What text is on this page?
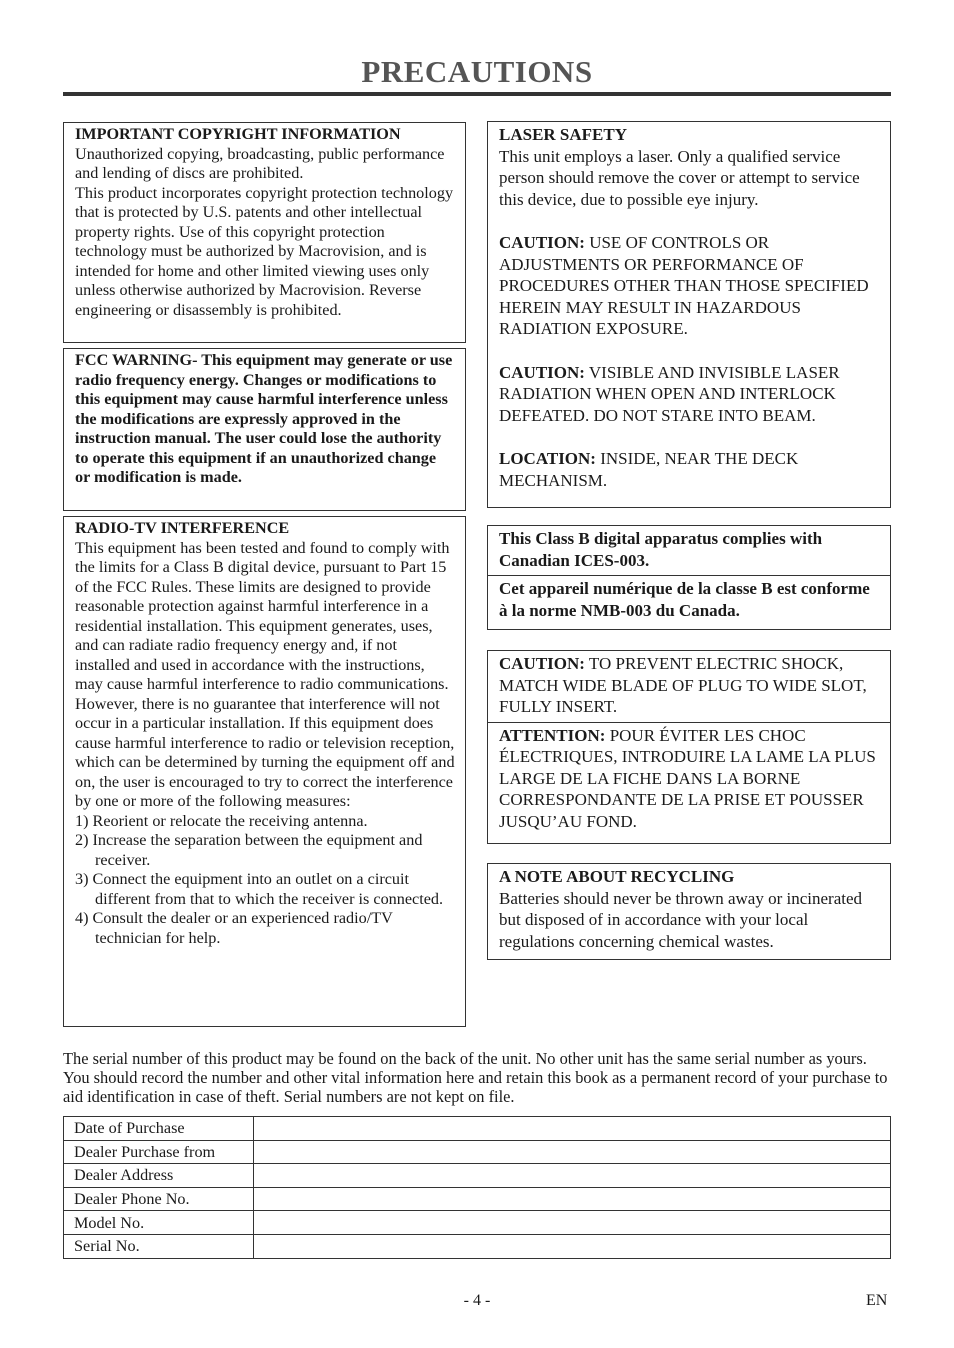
PRECAUTIONS

IMPORTANT COPYRIGHT INFORMATION

Unauthorized copying, broadcasting, public performance and lending of discs are prohibited.

This product incorporates copyright protection technology that is protected by U.S. patents and other intellectual property rights. Use of this copyright protection technology must be authorized by Macrovision, and is intended for home and other limited viewing uses only unless otherwise authorized by Macrovision. Reverse engineering or disassembly is prohibited.

FCC WARNING- This equipment may generate or use radio frequency energy. Changes or modifications to this equipment may cause harmful interference unless the modifications are expressly approved in the instruction manual. The user could lose the authority to operate this equipment if an unauthorized change or modification is made.

RADIO-TV INTERFERENCE

This equipment has been tested and found to comply with the limits for a Class B digital device, pursuant to Part 15 of the FCC Rules. These limits are designed to provide reasonable protection against harmful interference in a residential installation. This equipment generates, uses, and can radiate radio frequency energy and, if not installed and used in accordance with the instructions, may cause harmful interference to radio communications.

However, there is no guarantee that interference will not occur in a particular installation. If this equipment does cause harmful interference to radio or television reception, which can be determined by turning the equipment off and on, the user is encouraged to try to correct the interference by one or more of the following measures:

1) Reorient or relocate the receiving antenna.
2) Increase the separation between the equipment and receiver.
3) Connect the equipment into an outlet on a circuit different from that to which the receiver is connected.
4) Consult the dealer or an experienced radio/TV technician for help.

LASER SAFETY

This unit employs a laser. Only a qualified service person should remove the cover or attempt to service this device, due to possible eye injury.

CAUTION: USE OF CONTROLS OR ADJUSTMENTS OR PERFORMANCE OF PROCEDURES OTHER THAN THOSE SPECIFIED HEREIN MAY RESULT IN HAZARDOUS RADIATION EXPOSURE.

CAUTION: VISIBLE AND INVISIBLE LASER RADIATION WHEN OPEN AND INTERLOCK DEFEATED. DO NOT STARE INTO BEAM.

LOCATION: INSIDE, NEAR THE DECK MECHANISM.

This Class B digital apparatus complies with Canadian ICES-003.

Cet appareil numérique de la classe B est conforme à la norme NMB-003 du Canada.

CAUTION: TO PREVENT ELECTRIC SHOCK, MATCH WIDE BLADE OF PLUG TO WIDE SLOT, FULLY INSERT.

ATTENTION: POUR ÉVITER LES CHOC ÉLECTRIQUES, INTRODUIRE LA LAME LA PLUS LARGE DE LA FICHE DANS LA BORNE CORRESPONDANTE DE LA PRISE ET POUSSER JUSQU’AU FOND.

A NOTE ABOUT RECYCLING

Batteries should never be thrown away or incinerated but disposed of in accordance with your local regulations concerning chemical wastes.

The serial number of this product may be found on the back of the unit. No other unit has the same serial number as yours. You should record the number and other vital information here and retain this book as a permanent record of your purchase to aid identification in case of theft. Serial numbers are not kept on file.
Date of Purchase	
Dealer Purchase from	
Dealer Address	
Dealer Phone No.	
Model No.	
Serial No.	
- 4 -	EN
